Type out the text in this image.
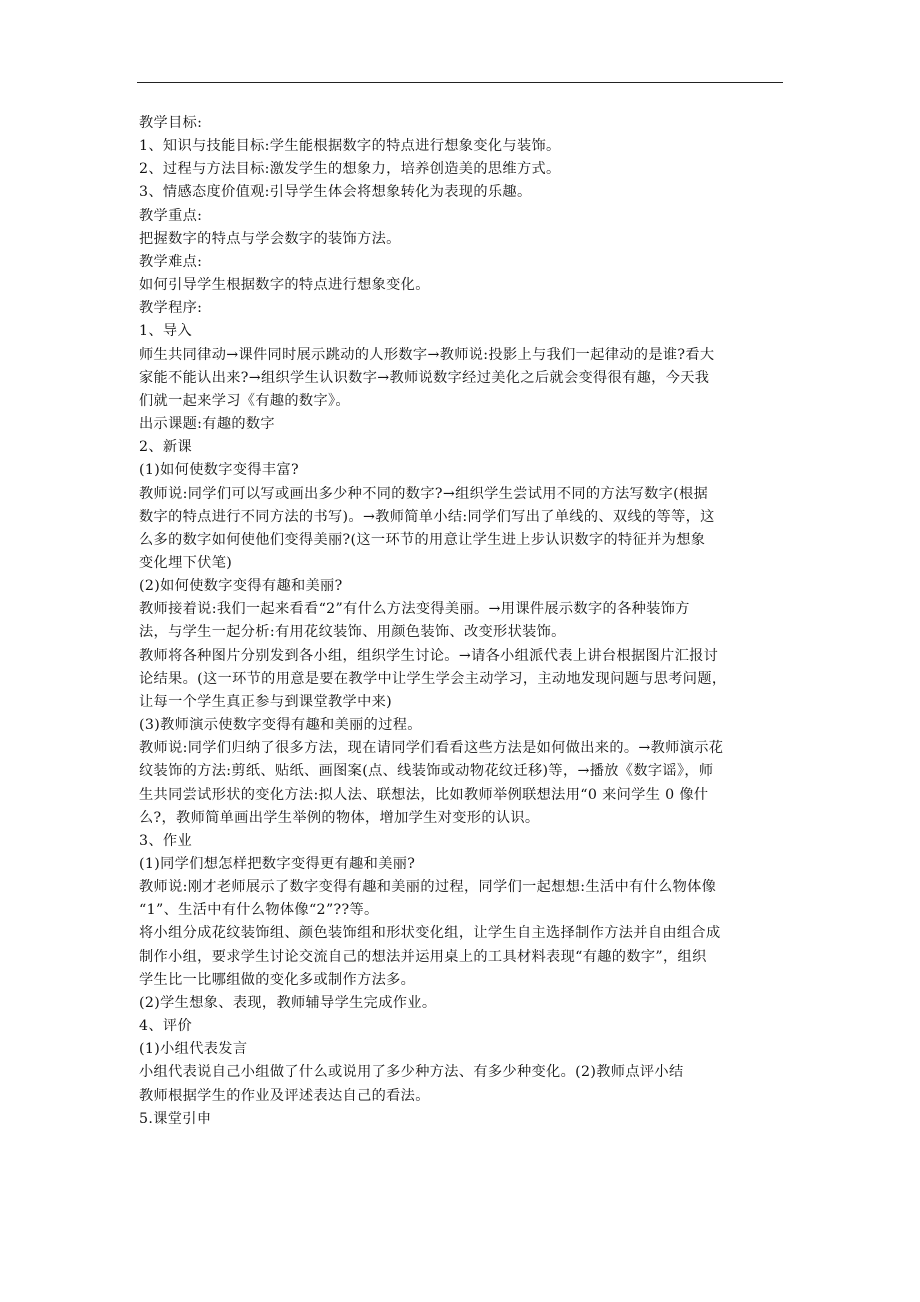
教学目标:
1、知识与技能目标:学生能根据数字的特点进行想象变化与装饰。
2、过程与方法目标:激发学生的想象力，培养创造美的思维方式。
3、情感态度价值观:引导学生体会将想象转化为表现的乐趣。
教学重点:
把握数字的特点与学会数字的装饰方法。
教学难点:
如何引导学生根据数字的特点进行想象变化。
教学程序:
1、导入
师生共同律动→课件同时展示跳动的人形数字→教师说:投影上与我们一起律动的是谁?看大
家能不能认出来?→组织学生认识数字→教师说数字经过美化之后就会变得很有趣，今天我
们就一起来学习《有趣的数字》。
出示课题:有趣的数字
2、新课
(1)如何使数字变得丰富?
教师说:同学们可以写或画出多少种不同的数字?→组织学生尝试用不同的方法写数字(根据
数字的特点进行不同方法的书写)。→教师简单小结:同学们写出了单线的、双线的等等，这
么多的数字如何使他们变得美丽?(这一环节的用意让学生进上步认识数字的特征并为想象
变化埋下伏笔)
(2)如何使数字变得有趣和美丽?
教师接着说:我们一起来看看“2”有什么方法变得美丽。→用课件展示数字的各种装饰方
法，与学生一起分析:有用花纹装饰、用颜色装饰、改变形状装饰。
教师将各种图片分别发到各小组，组织学生讨论。→请各小组派代表上讲台根据图片汇报讨
论结果。(这一环节的用意是要在教学中让学生学会主动学习，主动地发现问题与思考问题，
让每一个学生真正参与到课堂教学中来)
(3)教师演示使数字变得有趣和美丽的过程。
教师说:同学们归纳了很多方法，现在请同学们看看这些方法是如何做出来的。→教师演示花
纹装饰的方法:剪纸、贴纸、画图案(点、线装饰或动物花纹迁移)等，→播放《数字谣》，师
生共同尝试形状的变化方法:拟人法、联想法，比如教师举例联想法用“0 来问学生 0 像什
么?，教师简单画出学生举例的物体，增加学生对变形的认识。
3、作业
(1)同学们想怎样把数字变得更有趣和美丽?
教师说:刚才老师展示了数字变得有趣和美丽的过程，同学们一起想想:生活中有什么物体像
“1”、生活中有什么物体像“2”??等。
将小组分成花纹装饰组、颜色装饰组和形状变化组，让学生自主选择制作方法并自由组合成
制作小组，要求学生讨论交流自己的想法并运用桌上的工具材料表现“有趣的数字”，组织
学生比一比哪组做的变化多或制作方法多。
(2)学生想象、表现，教师辅导学生完成作业。
4、评价
(1)小组代表发言
小组代表说自己小组做了什么或说用了多少种方法、有多少种变化。(2)教师点评小结
教师根据学生的作业及评述表达自己的看法。
5.课堂引申
